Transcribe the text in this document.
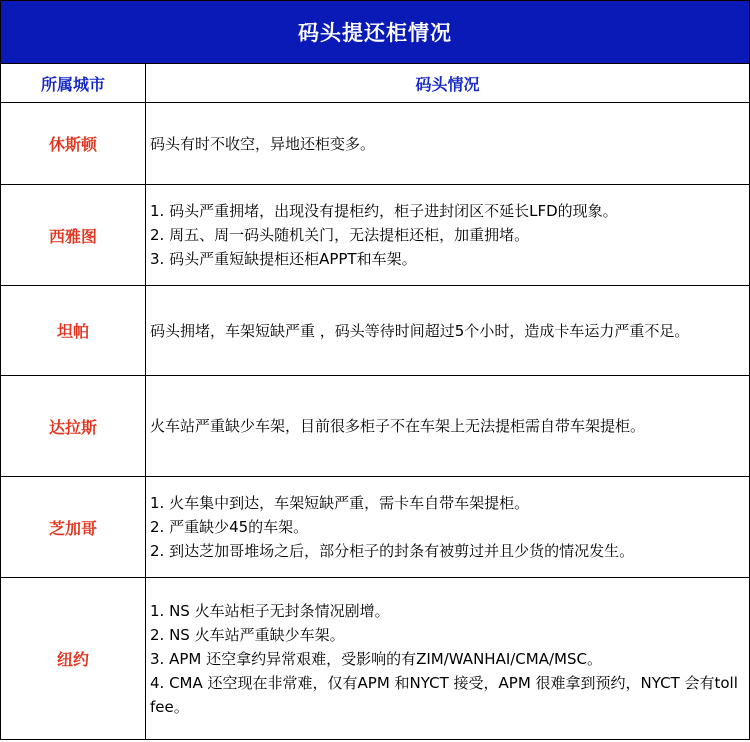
码头提还柜情况	
所属城市	码头情况
休斯顿	码头有时不收空，异地还柜变多。

西雅图	1. 码头严重拥堵，出现没有提柜约，柜子进封闭区不延长LFD的现象。
2. 周五、周一码头随机关门，无法提柜还柜，加重拥堵。
3. 码头严重短缺提柜还柜APPT和车架。

坦帕	码头拥堵，车架短缺严重 ，码头等待时间超过5个小时，造成卡车运力严重不足。

达拉斯	火车站严重缺少车架，目前很多柜子不在车架上无法提柜需自带车架提柜。

芝加哥	1. 火车集中到达，车架短缺严重，需卡车自带车架提柜。
2. 严重缺少45的车架。
2. 到达芝加哥堆场之后，部分柜子的封条有被剪过并且少货的情况发生。

纽约	1. NS 火车站柜子无封条情况剧增。
2. NS 火车站严重缺少车架。
3. APM 还空拿约异常艰难，受影响的有ZIM/WANHAI/CMA/MSC。
4. CMA 还空现在非常难，仅有APM 和NYCT 接受，APM 很难拿到预约，NYCT 会有toll fee。
